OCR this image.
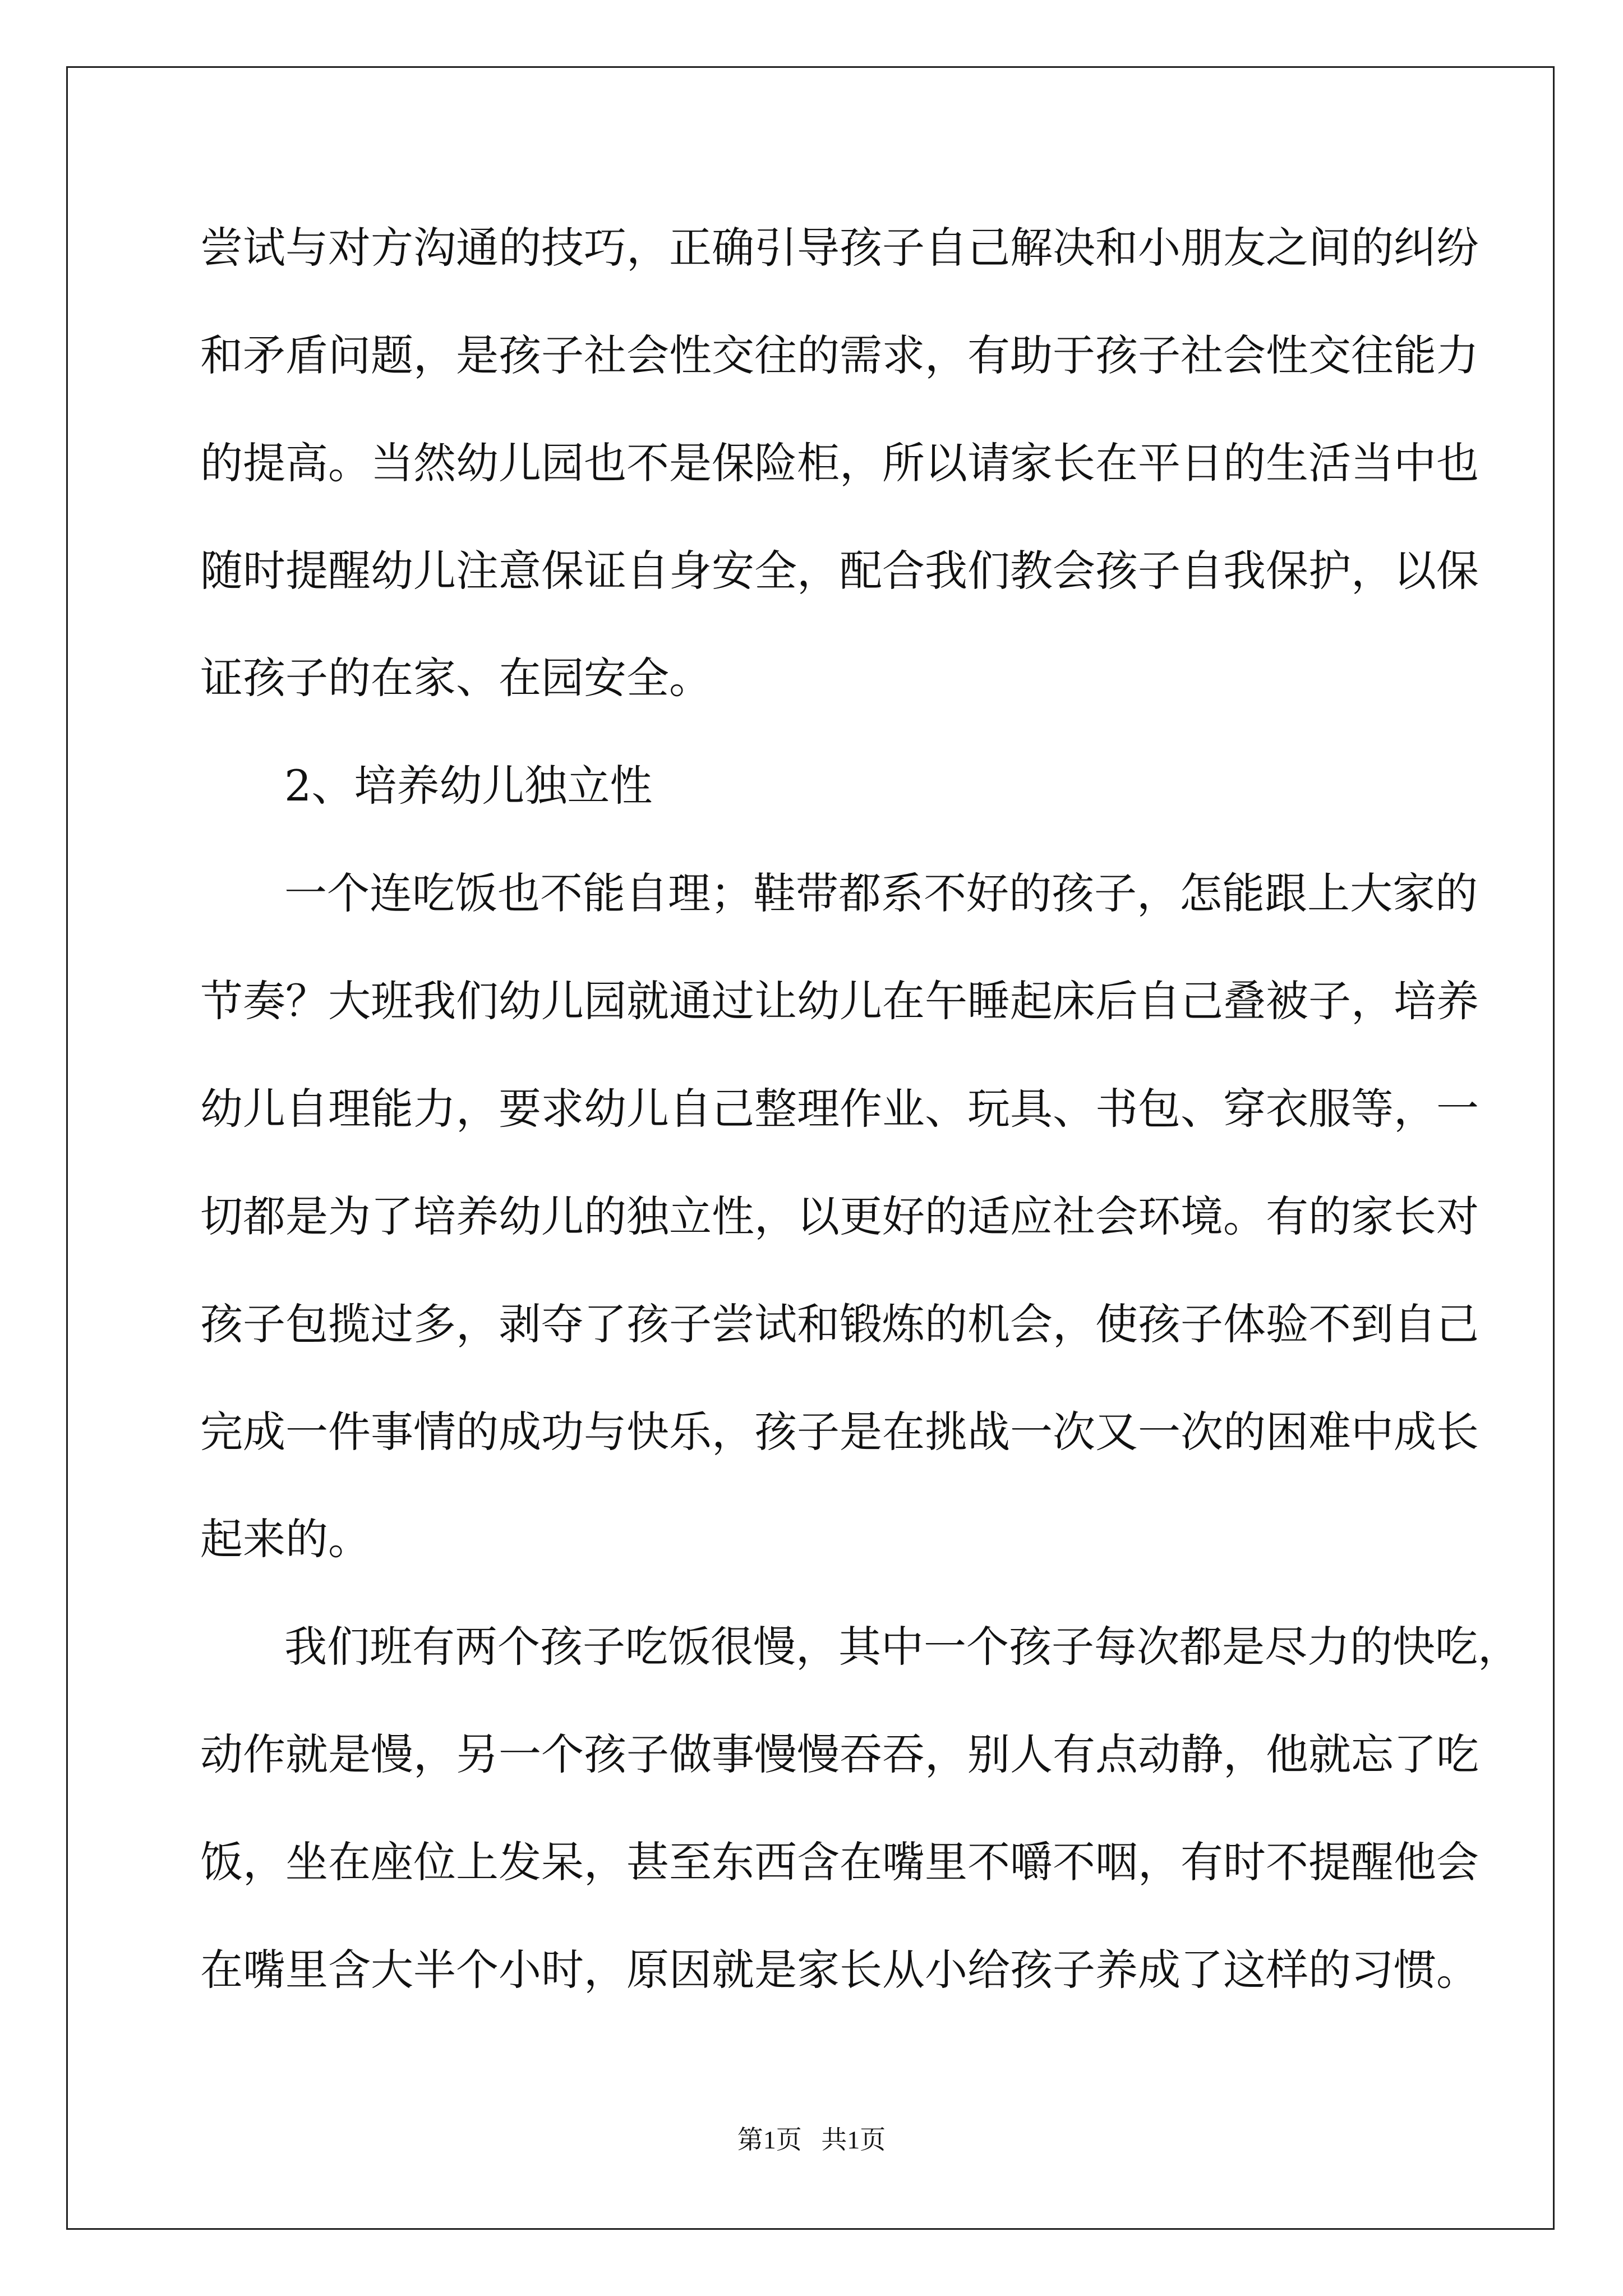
尝试与对方沟通的技巧，正确引导孩子自己解决和小朋友之间的纠纷
和矛盾问题，是孩子社会性交往的需求，有助于孩子社会性交往能力
的提高。当然幼儿园也不是保险柜，所以请家长在平日的生活当中也
随时提醒幼儿注意保证自身安全，配合我们教会孩子自我保护，以保
证孩子的在家、在园安全。
2、培养幼儿独立性
一个连吃饭也不能自理；鞋带都系不好的孩子，怎能跟上大家的
节奏？大班我们幼儿园就通过让幼儿在午睡起床后自己叠被子，培养
幼儿自理能力，要求幼儿自己整理作业、玩具、书包、穿衣服等，一
切都是为了培养幼儿的独立性，以更好的适应社会环境。有的家长对
孩子包揽过多，剥夺了孩子尝试和锻炼的机会，使孩子体验不到自己
完成一件事情的成功与快乐，孩子是在挑战一次又一次的困难中成长
起来的。
我们班有两个孩子吃饭很慢，其中一个孩子每次都是尽力的快吃，
动作就是慢，另一个孩子做事慢慢吞吞，别人有点动静，他就忘了吃
饭，坐在座位上发呆，甚至东西含在嘴里不嚼不咽，有时不提醒他会
在嘴里含大半个小时，原因就是家长从小给孩子养成了这样的习惯。
第1页   共1页
